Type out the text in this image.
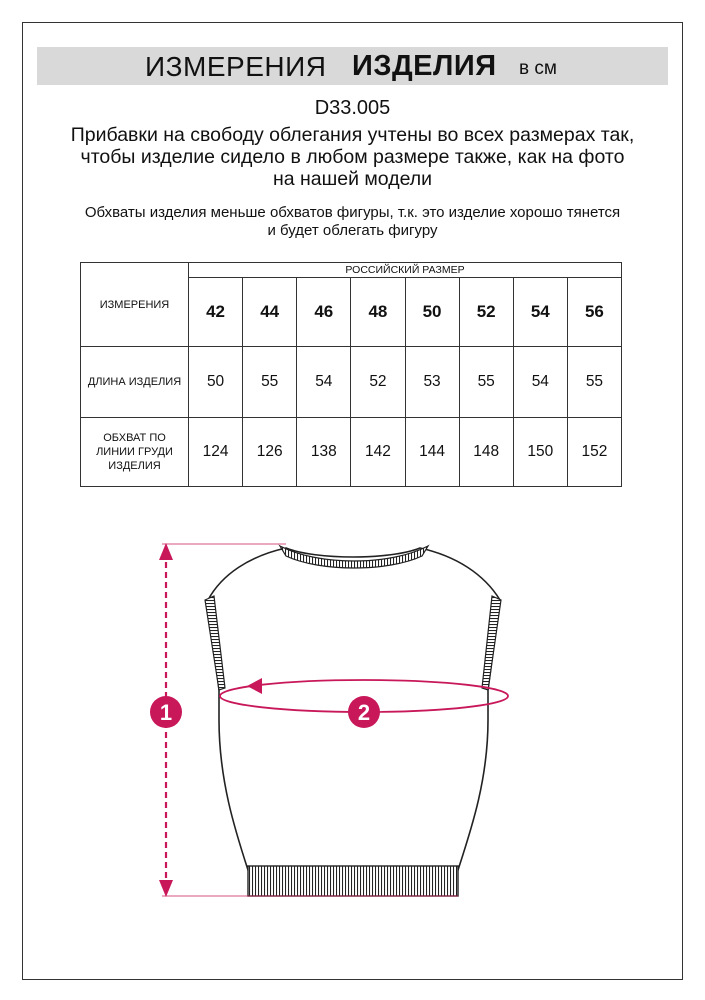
ИЗМЕРЕНИЯ ИЗДЕЛИЯ в см
D33.005
Прибавки на свободу облегания учтены во всех размерах так,
чтобы изделие сидело в любом размере также, как на фото
на нашей модели
Обхваты изделия меньше обхватов фигуры, т.к. это изделие хорошо тянется
и будет облегать фигуру
ИЗМЕРЕНИЯ	РОССИЙСКИЙ РАЗМЕР							
	42	44	46	48	50	52	54	56
ДЛИНА ИЗДЕЛИЯ	50	55	54	52	53	55	54	55

ОБХВАТ ПО
ЛИНИИ ГРУДИ
ИЗДЕЛИЯ	124	126	138	142	144	148	150	152
1	2
